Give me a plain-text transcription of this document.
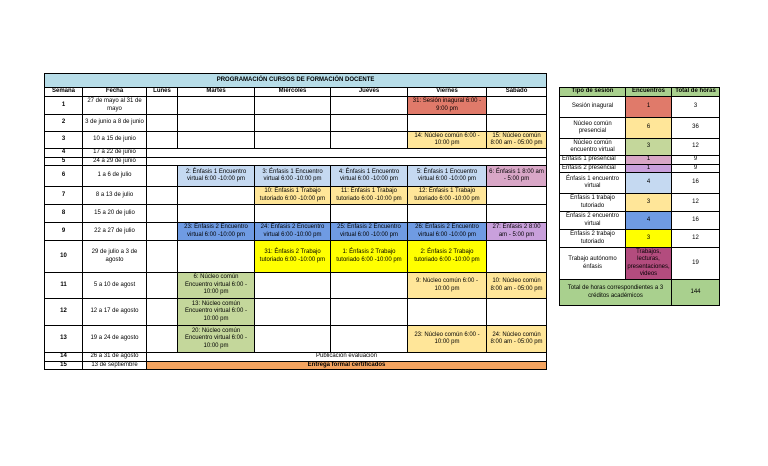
PROGRAMACIÓN CURSOS DE FORMACIÓN DOCENTE							
Semana	Fecha	Lunes	Martes	Miércoles	Jueves	Viernes	Sábado
1	27 de mayo al 31 de mayo					31: Sesión inagural 6:00 - 9:00 pm	
2	3 de junio a 8 de junio						
3	10 a 15 de junio					14: Núcleo común 6:00 - 10:00 pm	15: Núcleo común 8:00 am - 05:00 pm
4	17 a 22 de junio						
5	24 a 29 de junio						
6	1 a 6 de julio		2: Énfasis 1 Encuentro virtual 6:00 -10:00 pm	3: Énfasis 1 Encuentro virtual 6:00 -10:00 pm	4: Énfasis 1 Encuentro virtual 6:00 -10:00 pm	5: Énfasis 1 Encuentro virtual 6:00 -10:00 pm	6: Énfasis 1 8:00 am - 5:00 pm
7	8 a 13 de julio			10: Énfasis 1 Trabajo tutoriado 6:00 -10:00 pm	11: Énfasis 1 Trabajo tutoriado 6:00 -10:00 pm	12: Énfasis 1 Trabajo tutoriado 6:00 -10:00 pm	
8	15 a 20 de julio						
9	22 a 27 de julio		23: Énfasis 2 Encuentro virtual 6:00 -10:00 pm	24: Énfasis 2 Encuentro virtual 6:00 -10:00 pm	25: Énfasis 2 Encuentro virtual 6:00 -10:00 pm	26: Énfasis 2 Encuentro virtual 6:00 -10:00 pm	27: Énfasis 2 8:00 am - 5:00 pm
10	29 de julio a 3 de agosto			31: Énfasis 2 Trabajo tutoriado 6:00 -10:00 pm	1: Énfasis 2 Trabajo tutoriado 6:00 -10:00 pm	2: Énfasis 2 Trabajo tutoriado 6:00 -10:00 pm	
11	5 a 10 de agost		6: Núcleo común Encuentro virtual 6:00 - 10:00 pm			9: Núcleo común 6:00 - 10:00 pm	10: Núcleo común 8:00 am - 05:00 pm
12	12 a 17 de agosto		13: Núcleo común Encuentro virtual 6:00 - 10:00 pm				
13	19 a 24 de agosto		20: Núcleo común Encuentro virtual 6:00 - 10:00 pm			23: Núcleo común 6:00 - 10:00 pm	24: Núcleo común 8:00 am - 05:00 pm
14	26 a 31 de agosto	Publicación evaluación					
15	13 de septiembre	Entrega formal certificados					
Tipo de sesión	Encuentros	Total de horas
Sesión inagural	1	3
Núcleo común presencial	6	36
Núcleo común encuentro virtual	3	12
Énfasis 1 presencial	1	9
Énfasis 2 presencial	1	9
Énfasis 1 encuentro virtual	4	16
Énfasis 1 trabajo tutoriado	3	12
Énfasis 2 encuentro virtual	4	16
Énfasis 2 trabajo tutoriado	3	12
Trabajo autónomo énfasis	Trabajos, lecturas, presentaciones, videos	19
Total de horas correspondientes a 3 créditos académicos		144
